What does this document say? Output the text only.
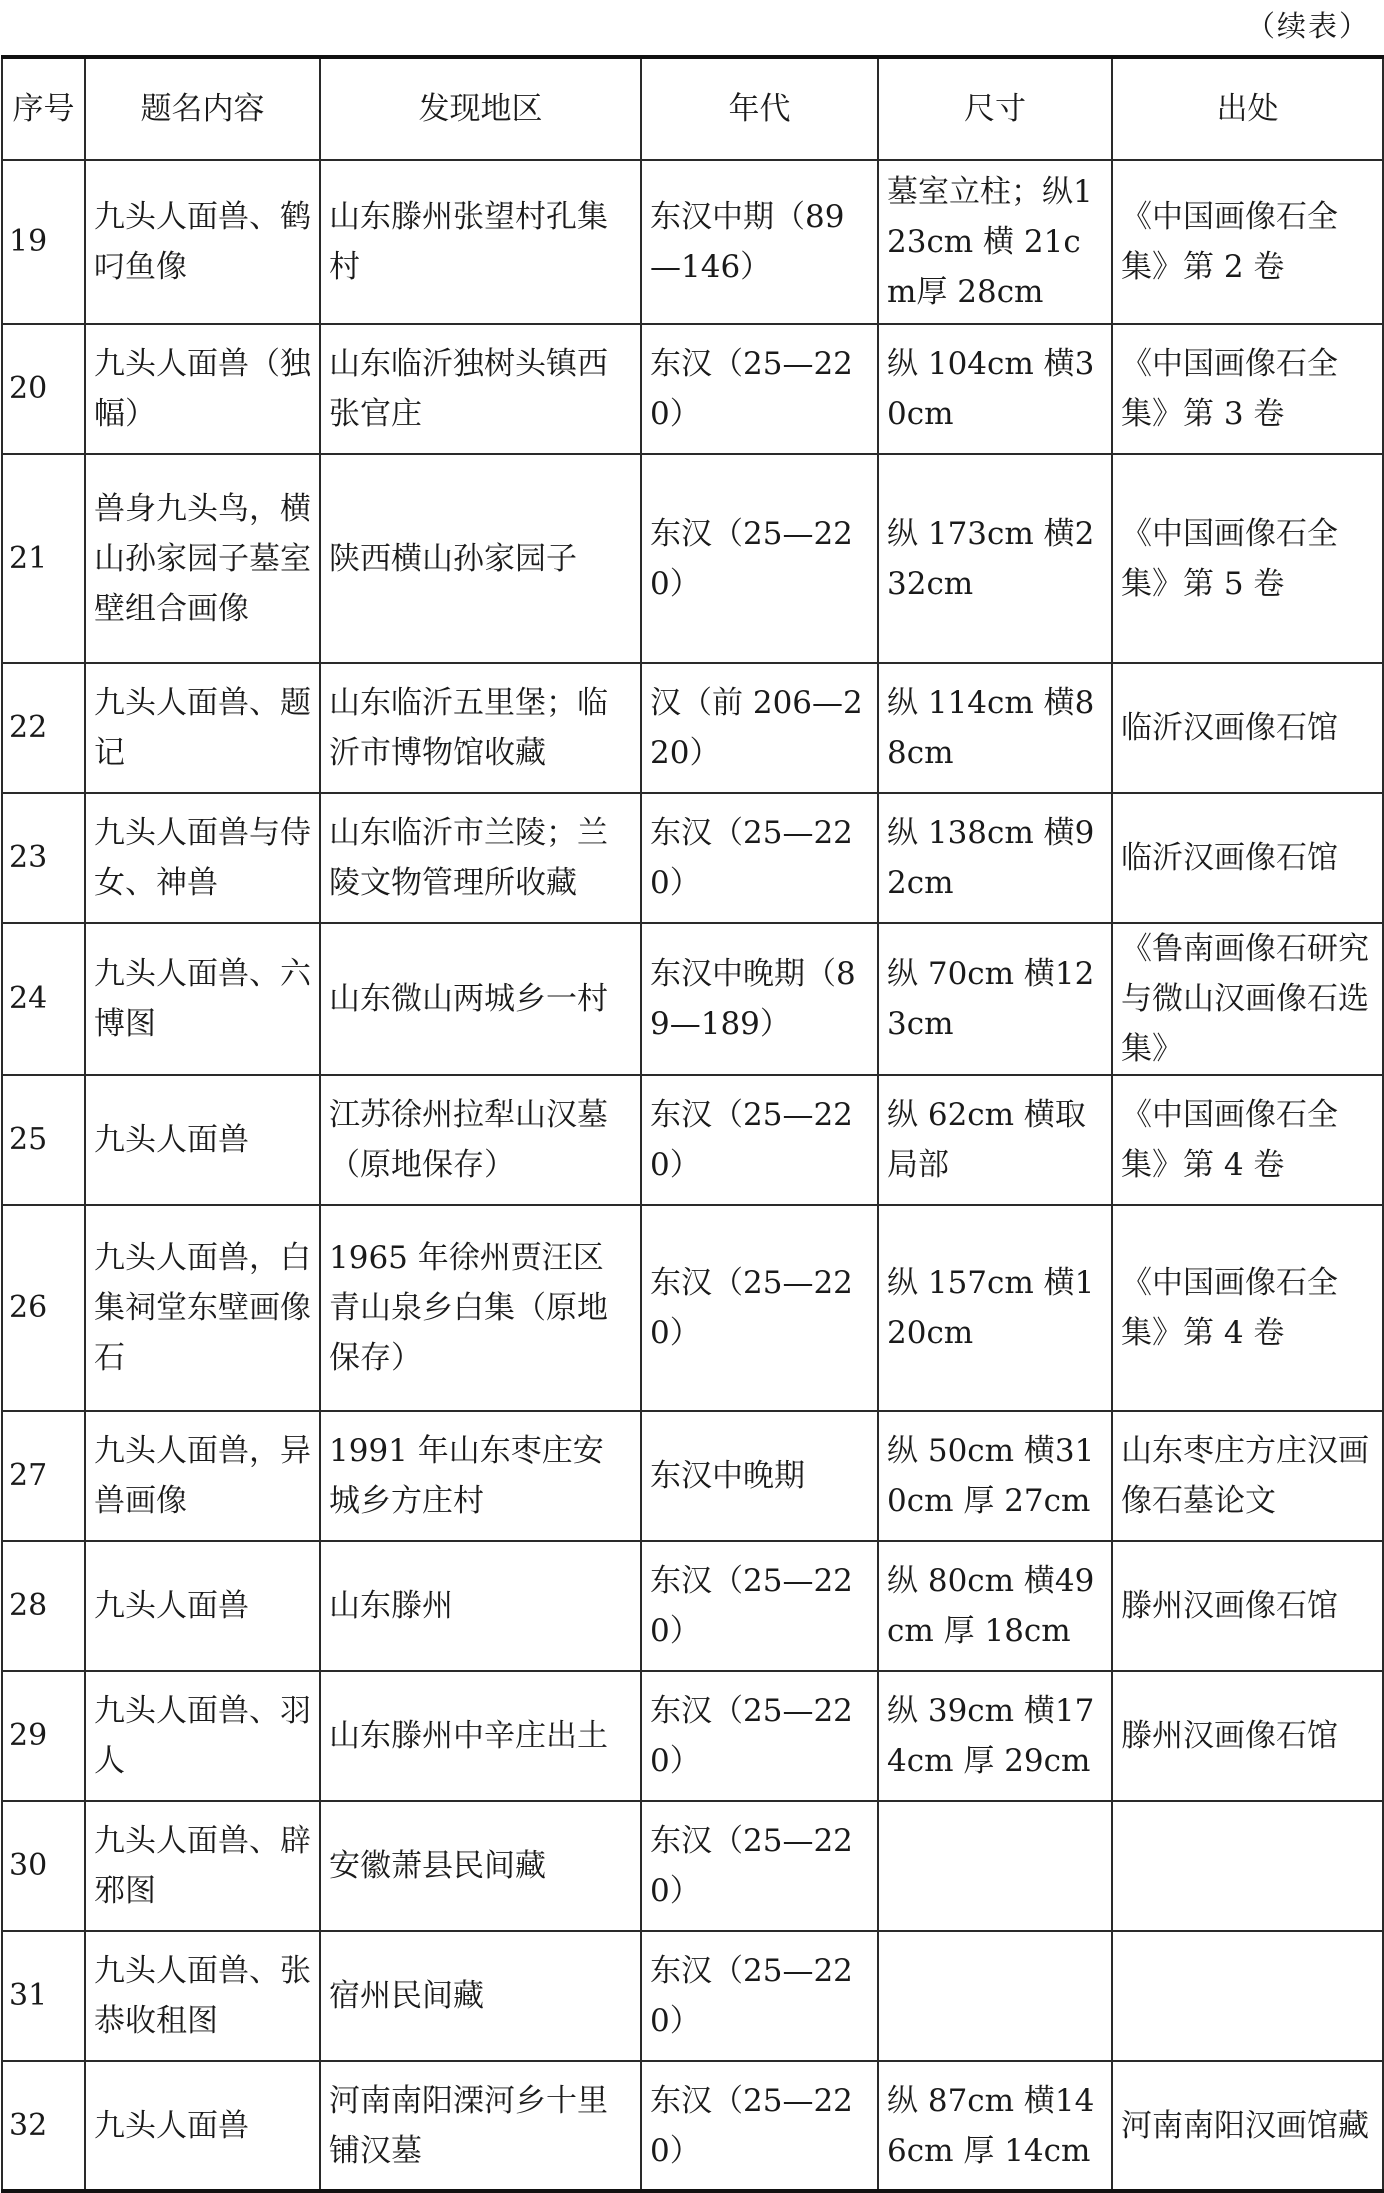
（续表）
序号	题名内容	发现地区	年代	尺寸	出处
19	九头人面兽、鹤叼鱼像	山东滕州张望村孔集村	东汉中期（89—146）	墓室立柱；纵123cm 横 21cm厚 28cm	《中国画像石全集》第 2 卷
20	九头人面兽（独幅）	山东临沂独树头镇西张官庄	东汉（25—220）	纵 104cm 横30cm	《中国画像石全集》第 3 卷
21	兽身九头鸟，横山孙家园子墓室壁组合画像	陕西横山孙家园子	东汉（25—220）	纵 173cm 横232cm	《中国画像石全集》第 5 卷
22	九头人面兽、题记	山东临沂五里堡；临沂市博物馆收藏	汉（前 206—220）	纵 114cm 横88cm	临沂汉画像石馆
23	九头人面兽与侍女、神兽	山东临沂市兰陵；兰陵文物管理所收藏	东汉（25—220）	纵 138cm 横92cm	临沂汉画像石馆
24	九头人面兽、六博图	山东微山两城乡一村	东汉中晚期（89—189）	纵 70cm 横123cm	《鲁南画像石研究与微山汉画像石选集》
25	九头人面兽	江苏徐州拉犁山汉墓（原地保存）	东汉（25—220）	纵 62cm 横取局部	《中国画像石全集》第 4 卷
26	九头人面兽，白集祠堂东壁画像石	1965 年徐州贾汪区青山泉乡白集（原地保存）	东汉（25—220）	纵 157cm 横120cm	《中国画像石全集》第 4 卷
27	九头人面兽，异兽画像	1991 年山东枣庄安城乡方庄村	东汉中晚期	纵 50cm 横310cm 厚 27cm	山东枣庄方庄汉画像石墓论文
28	九头人面兽	山东滕州	东汉（25—220）	纵 80cm 横49cm 厚 18cm	滕州汉画像石馆
29	九头人面兽、羽人	山东滕州中辛庄出土	东汉（25—220）	纵 39cm 横174cm 厚 29cm	滕州汉画像石馆
30	九头人面兽、辟邪图	安徽萧县民间藏	东汉（25—220）		
31	九头人面兽、张恭收租图	宿州民间藏	东汉（25—220）		
32	九头人面兽	河南南阳溧河乡十里铺汉墓	东汉（25—220）	纵 87cm 横146cm 厚 14cm	河南南阳汉画馆藏
